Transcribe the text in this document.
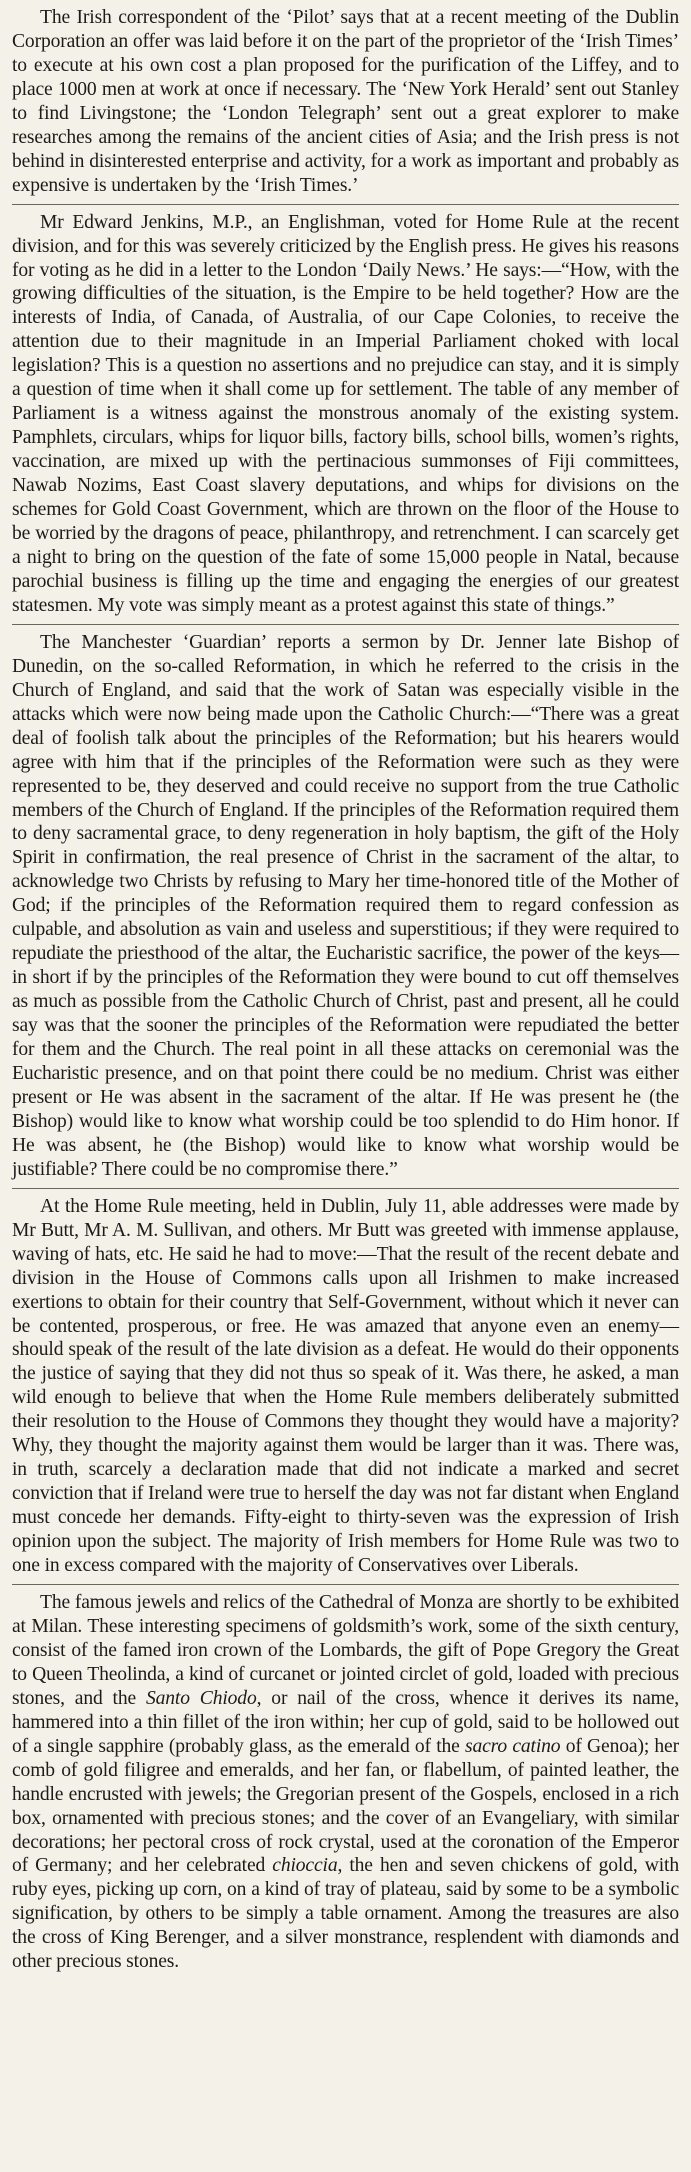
The Irish correspondent of the ‘Pilot’ says that at a recent meeting of the Dublin Corporation an offer was laid before it on the part of the proprietor of the ‘Irish Times’ to execute at his own cost a plan proposed for the purification of the Liffey, and to place 1000 men at work at once if necessary. The ‘New York Herald’ sent out Stanley to find Livingstone; the ‘London Telegraph’ sent out a great explorer to make researches among the remains of the ancient cities of Asia; and the Irish press is not behind in disinterested enterprise and activity, for a work as important and probably as expensive is undertaken by the ‘Irish Times.’

Mr Edward Jenkins, M.P., an Englishman, voted for Home Rule at the recent division, and for this was severely criticized by the English press. He gives his reasons for voting as he did in a letter to the London ‘Daily News.’ He says:—“How, with the growing difficulties of the situation, is the Empire to be held together? How are the interests of India, of Canada, of Australia, of our Cape Colonies, to receive the attention due to their magnitude in an Imperial Parliament choked with local legislation? This is a question no assertions and no prejudice can stay, and it is simply a question of time when it shall come up for settlement. The table of any member of Parliament is a witness against the monstrous anomaly of the existing system. Pamphlets, circulars, whips for liquor bills, factory bills, school bills, women’s rights, vaccination, are mixed up with the pertinacious summonses of Fiji committees, Nawab Nozims, East Coast slavery deputations, and whips for divisions on the schemes for Gold Coast Government, which are thrown on the floor of the House to be worried by the dragons of peace, philanthropy, and retrenchment. I can scarcely get a night to bring on the question of the fate of some 15,000 people in Natal, because parochial business is filling up the time and engaging the energies of our greatest statesmen. My vote was simply meant as a protest against this state of things.”

The Manchester ‘Guardian’ reports a sermon by Dr. Jenner late Bishop of Dunedin, on the so-called Reformation, in which he referred to the crisis in the Church of England, and said that the work of Satan was especially visible in the attacks which were now being made upon the Catholic Church:—“There was a great deal of foolish talk about the principles of the Reformation; but his hearers would agree with him that if the principles of the Reformation were such as they were represented to be, they deserved and could receive no support from the true Catholic members of the Church of England. If the principles of the Reformation required them to deny sacramental grace, to deny regeneration in holy baptism, the gift of the Holy Spirit in confirmation, the real presence of Christ in the sacrament of the altar, to acknowledge two Christs by refusing to Mary her time-honored title of the Mother of God; if the principles of the Reformation required them to regard confession as culpable, and absolution as vain and useless and superstitious; if they were required to repudiate the priesthood of the altar, the Eucharistic sacrifice, the power of the keys—in short if by the principles of the Reformation they were bound to cut off themselves as much as possible from the Catholic Church of Christ, past and present, all he could say was that the sooner the principles of the Reformation were repudiated the better for them and the Church. The real point in all these attacks on ceremonial was the Eucharistic presence, and on that point there could be no medium. Christ was either present or He was absent in the sacrament of the altar. If He was present he (the Bishop) would like to know what worship could be too splendid to do Him honor. If He was absent, he (the Bishop) would like to know what worship would be justifiable? There could be no compromise there.”

At the Home Rule meeting, held in Dublin, July 11, able addresses were made by Mr Butt, Mr A. M. Sullivan, and others. Mr Butt was greeted with immense applause, waving of hats, etc. He said he had to move:—That the result of the recent debate and division in the House of Commons calls upon all Irishmen to make increased exertions to obtain for their country that Self-Government, without which it never can be contented, prosperous, or free. He was amazed that anyone even an enemy—should speak of the result of the late division as a defeat. He would do their opponents the justice of saying that they did not thus so speak of it. Was there, he asked, a man wild enough to believe that when the Home Rule members deliberately submitted their resolution to the House of Commons they thought they would have a majority? Why, they thought the majority against them would be larger than it was. There was, in truth, scarcely a declaration made that did not indicate a marked and secret conviction that if Ireland were true to herself the day was not far distant when England must concede her demands. Fifty-eight to thirty-seven was the expression of Irish opinion upon the subject. The majority of Irish members for Home Rule was two to one in excess compared with the majority of Conservatives over Liberals.

The famous jewels and relics of the Cathedral of Monza are shortly to be exhibited at Milan. These interesting specimens of goldsmith’s work, some of the sixth century, consist of the famed iron crown of the Lombards, the gift of Pope Gregory the Great to Queen Theolinda, a kind of curcanet or jointed circlet of gold, loaded with precious stones, and the Santo Chiodo, or nail of the cross, whence it derives its name, hammered into a thin fillet of the iron within; her cup of gold, said to be hollowed out of a single sapphire (probably glass, as the emerald of the sacro catino of Genoa); her comb of gold filigree and emeralds, and her fan, or flabellum, of painted leather, the handle encrusted with jewels; the Gregorian present of the Gospels, enclosed in a rich box, ornamented with precious stones; and the cover of an Evangeliary, with similar decorations; her pectoral cross of rock crystal, used at the coronation of the Emperor of Germany; and her celebrated chioccia, the hen and seven chickens of gold, with ruby eyes, picking up corn, on a kind of tray of plateau, said by some to be a symbolic signification, by others to be simply a table ornament. Among the treasures are also the cross of King Berenger, and a silver monstrance, resplendent with diamonds and other precious stones.
